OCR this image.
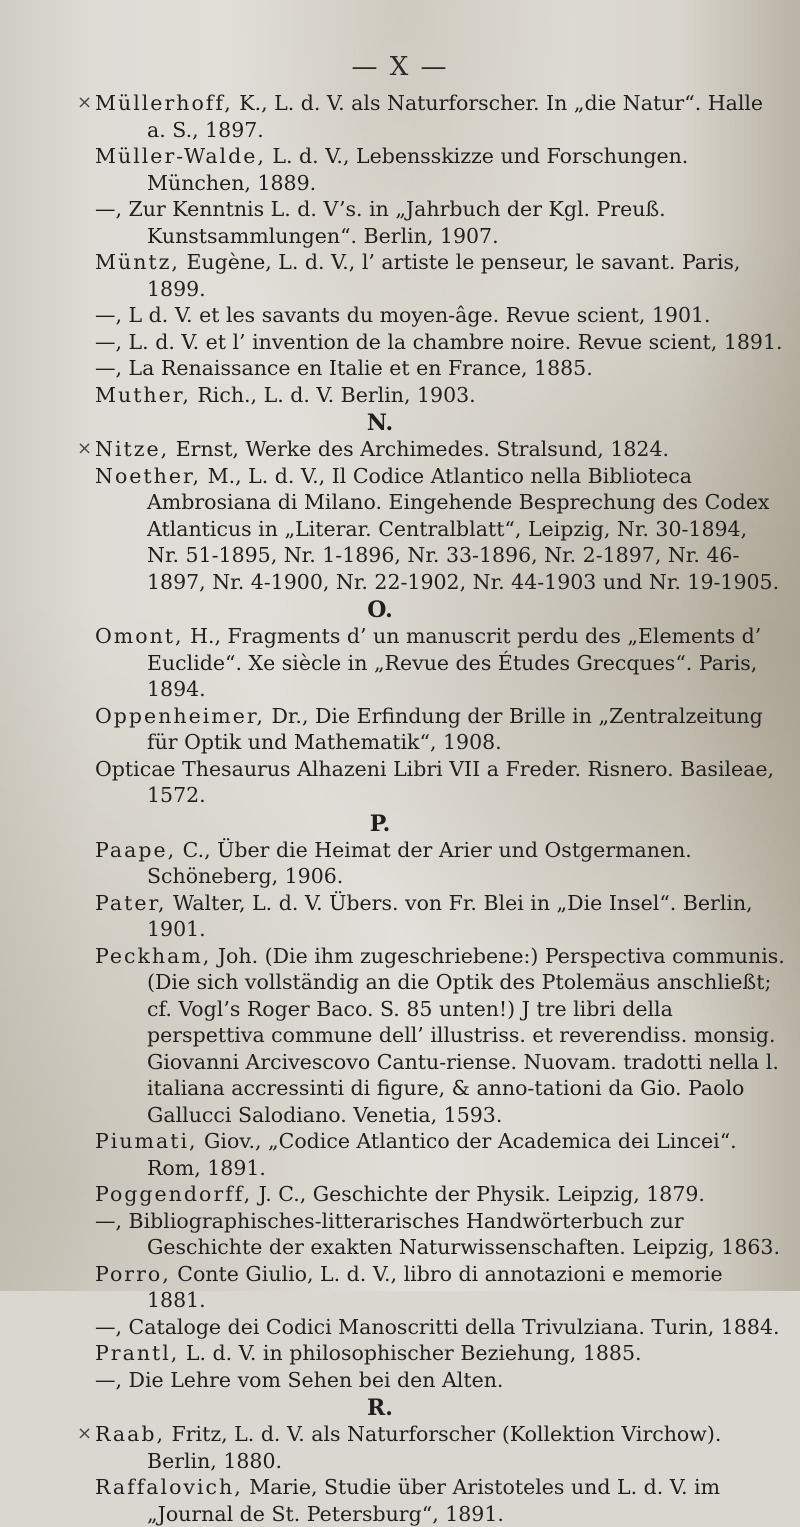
— X —

× Müllerhoff, K., L. d. V. als Naturforscher. In „die Natur“. Halle a. S., 1897.

Müller-Walde, L. d. V., Lebensskizze und Forschungen. München, 1889.

—, Zur Kenntnis L. d. V’s. in „Jahrbuch der Kgl. Preuß. Kunstsammlungen“. Berlin, 1907.

Müntz, Eugène, L. d. V., l’ artiste le penseur, le savant. Paris, 1899.

—, L d. V. et les savants du moyen-âge. Revue scient, 1901.

—, L. d. V. et l’ invention de la chambre noire. Revue scient, 1891.

—, La Renaissance en Italie et en France, 1885.

Muther, Rich., L. d. V. Berlin, 1903.

N.

× Nitze, Ernst, Werke des Archimedes. Stralsund, 1824.

Noether, M., L. d. V., Il Codice Atlantico nella Biblioteca Ambrosiana di Milano. Eingehende Besprechung des Codex Atlanticus in „Literar. Centralblatt“, Leipzig, Nr. 30-1894, Nr. 51-1895, Nr. 1-1896, Nr. 33-1896, Nr. 2-1897, Nr. 46-1897, Nr. 4-1900, Nr. 22-1902, Nr. 44-1903 und Nr. 19-1905.

O.

Omont, H., Fragments d’ un manuscrit perdu des „Elements d’ Euclide“. Xe siècle in „Revue des Études Grecques“. Paris, 1894.

Oppenheimer, Dr., Die Erfindung der Brille in „Zentralzeitung für Optik und Mathematik“, 1908.

Opticae Thesaurus Alhazeni Libri VII a Freder. Risnero. Basileae, 1572.

P.

Paape, C., Über die Heimat der Arier und Ostgermanen. Schöneberg, 1906.

Pater, Walter, L. d. V. Übers. von Fr. Blei in „Die Insel“. Berlin, 1901.

Peckham, Joh. (Die ihm zugeschriebene:) Perspectiva communis. (Die sich vollständig an die Optik des Ptolemäus anschließt; cf. Vogl’s Roger Baco. S. 85 unten!) J tre libri della perspettiva commune dell’ illustriss. et reverendiss. monsig. Giovanni Arcivescovo Cantu-riense. Nuovam. tradotti nella l. italiana accressinti di figure, & anno-tationi da Gio. Paolo Gallucci Salodiano. Venetia, 1593.

Piumati, Giov., „Codice Atlantico der Academica dei Lincei“. Rom, 1891.

Poggendorff, J. C., Geschichte der Physik. Leipzig, 1879.

—, Bibliographisches-litterarisches Handwörterbuch zur Geschichte der exakten Naturwissenschaften. Leipzig, 1863.

Porro, Conte Giulio, L. d. V., libro di annotazioni e memorie 1881.

—, Cataloge dei Codici Manoscritti della Trivulziana. Turin, 1884.

Prantl, L. d. V. in philosophischer Beziehung, 1885.

—, Die Lehre vom Sehen bei den Alten.

R.

× Raab, Fritz, L. d. V. als Naturforscher (Kollektion Virchow). Berlin, 1880.

Raffalovich, Marie, Studie über Aristoteles und L. d. V. im „Journal de St. Petersburg“, 1891.
